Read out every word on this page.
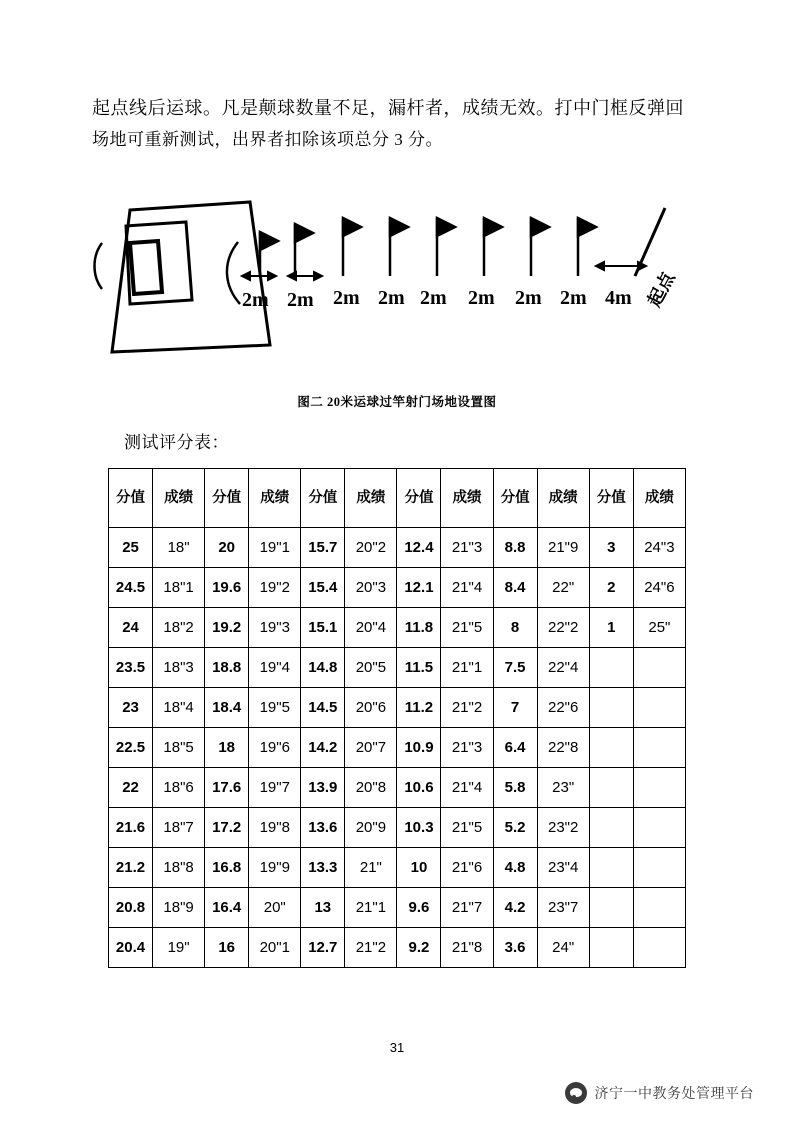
起点线后运球。凡是颠球数量不足，漏杆者，成绩无效。打中门框反弹回
场地可重新测试，出界者扣除该项总分 3 分。
2m 2m 2m 2m 2m 2m 2m 2m 4m 起点
图二 20米运球过竿射门场地设置图
测试评分表：
分值	成绩	分值	成绩	分值	成绩	分值	成绩	分值	成绩	分值	成绩
25	18"	20	19"1	15.7	20"2	12.4	21"3	8.8	21"9	3	24"3
24.5	18"1	19.6	19"2	15.4	20"3	12.1	21"4	8.4	22"	2	24"6
24	18"2	19.2	19"3	15.1	20"4	11.8	21"5	8	22"2	1	25"
23.5	18"3	18.8	19"4	14.8	20"5	11.5	21"1	7.5	22"4		
23	18"4	18.4	19"5	14.5	20"6	11.2	21"2	7	22"6		
22.5	18"5	18	19"6	14.2	20"7	10.9	21"3	6.4	22"8		
22	18"6	17.6	19"7	13.9	20"8	10.6	21"4	5.8	23"		
21.6	18"7	17.2	19"8	13.6	20"9	10.3	21"5	5.2	23"2		
21.2	18"8	16.8	19"9	13.3	21"	10	21"6	4.8	23"4		
20.8	18"9	16.4	20"	13	21"1	9.6	21"7	4.2	23"7		
20.4	19"	16	20"1	12.7	21"2	9.2	21"8	3.6	24"		
31
济宁一中教务处管理平台
